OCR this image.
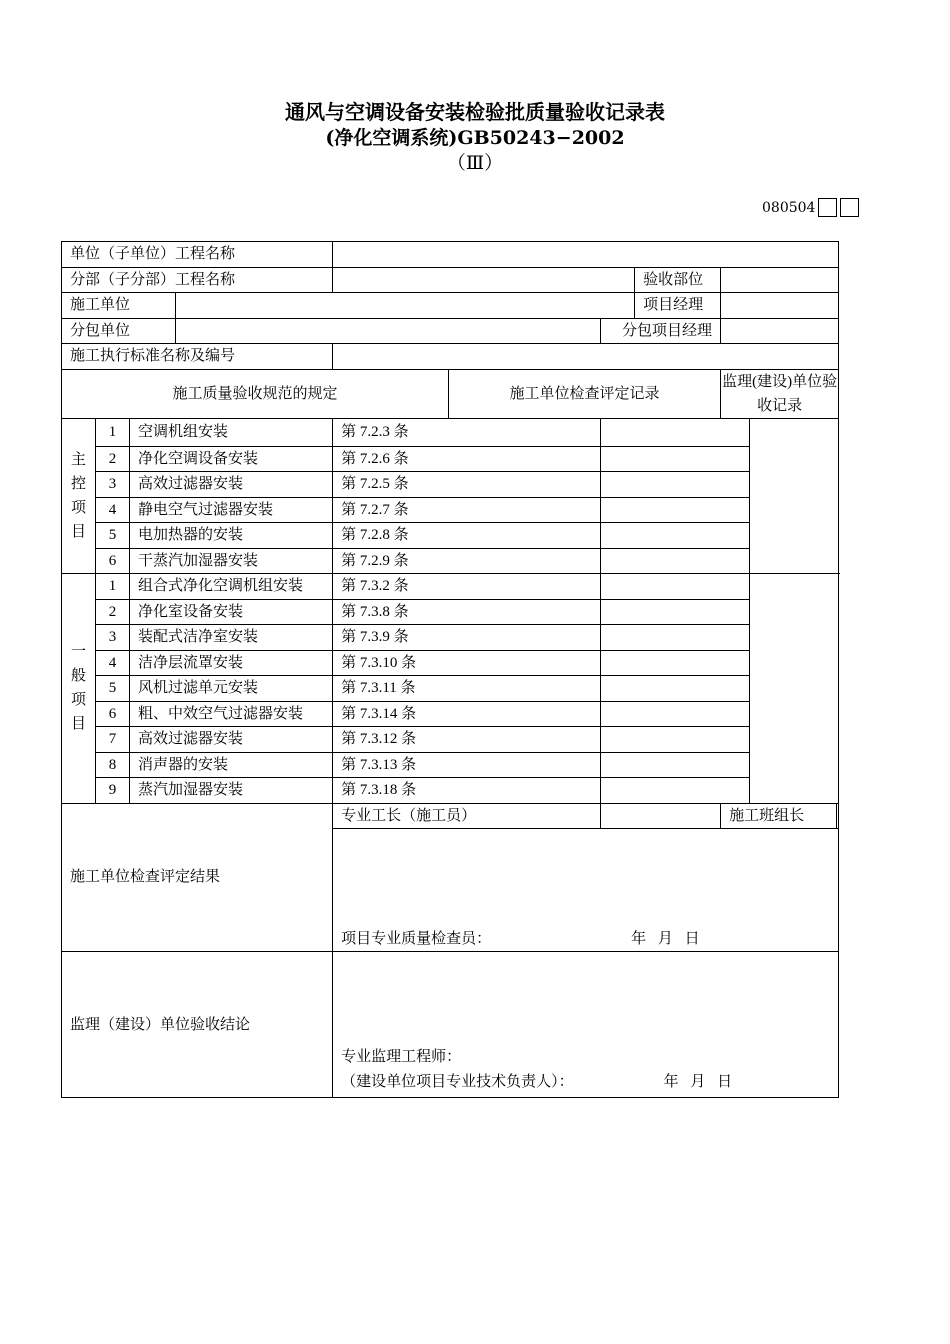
通风与空调设备安装检验批质量验收记录表
(净化空调系统)GB50243−2002
（Ⅲ）
080504
单位（子单位）工程名称									
分部（子分部）工程名称							验收部位		
施工单位							项目经理		
分包单位						分包项目经理			
施工执行标准名称及编号									
施工质量验收规范的规定					施工单位检查评定记录			监理(建设)单位验收记录	
主
控
项
目	1	空调机组安装		第 7.2.3 条					
	2	净化空调设备安装		第 7.2.6 条					
	3	高效过滤器安装		第 7.2.5 条					
	4	静电空气过滤器安装		第 7.2.7 条					
	5	电加热器的安装		第 7.2.8 条					
	6	干蒸汽加湿器安装		第 7.2.9 条					
一
般
项
目	1	组合式净化空调机组安装		第 7.3.2 条					
	2	净化室设备安装		第 7.3.8 条					
	3	装配式洁净室安装		第 7.3.9 条					
	4	洁净层流罩安装		第 7.3.10 条					
	5	风机过滤单元安装		第 7.3.11 条					
	6	粗、中效空气过滤器安装		第 7.3.14 条					
	7	高效过滤器安装		第 7.3.12 条					
	8	消声器的安装		第 7.3.13 条					
	9	蒸汽加湿器安装		第 7.3.18 条					
施工单位检查评定结果				专业工长（施工员）				施工班组长	

				项目专业质量检查员： 年 月 日					
监理（建设）单位验收结论				专业监理工程师：
（建设单位项目专业技术负责人）： 年 月 日					
